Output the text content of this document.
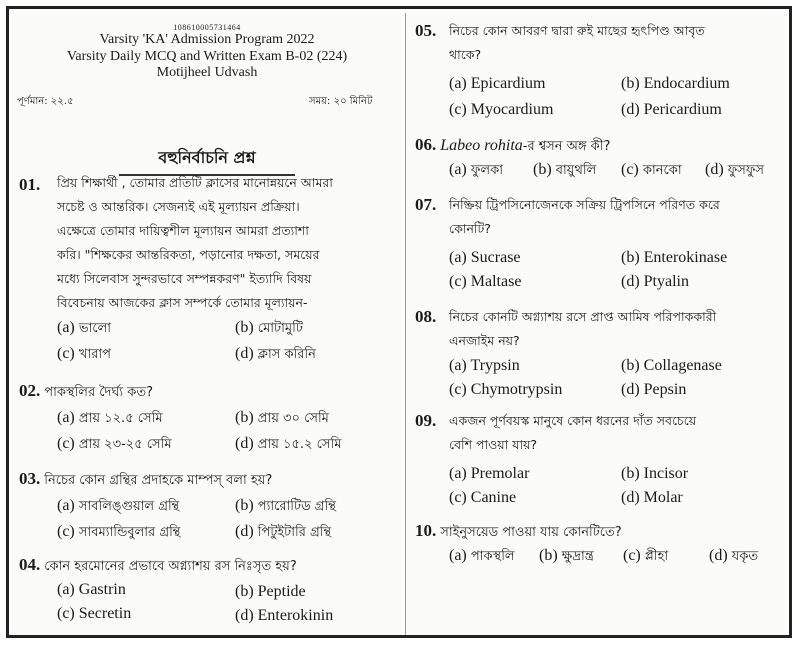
108610005731464
Varsity 'KA' Admission Program 2022
Varsity Daily MCQ and Written Exam B-02 (224)
Motijheel Udvash
পূর্ণমান: ২২.৫	সময়: ২০ মিনিট
বহুনির্বাচনি প্রশ্ন
01. প্রিয় শিক্ষার্থী , তোমার প্রতিটি ক্লাসের মানোন্নয়নে আমরা
সচেষ্ট ও আন্তরিক। সেজন্যই এই মূল্যায়ন প্রক্রিয়া।
এক্ষেত্রে তোমার দায়িত্বশীল মূল্যায়ন আমরা প্রত্যাশা
করি। "শিক্ষকের আন্তরিকতা, পড়ানোর দক্ষতা, সময়ের
মধ্যে সিলেবাস সুন্দরভাবে সম্পন্নকরণ" ইত্যাদি বিষয়
বিবেচনায় আজকের ক্লাস সম্পর্কে তোমার মূল্যায়ন-
(a) ভালো	(b) মোটামুটি
(c) খারাপ	(d) ক্লাস করিনি
02. পাকস্থলির দৈর্ঘ্য কত?
(a) প্রায় ১২.৫ সেমি	(b) প্রায় ৩০ সেমি
(c) প্রায় ২৩-২৫ সেমি	(d) প্রায় ১৫.২ সেমি
03. নিচের কোন গ্রন্থির প্রদাহকে মাম্পস্ বলা হয়?
(a) সাবলিঙ্গুয়াল গ্রন্থি	(b) প্যারোটিড গ্রন্থি
(c) সাবম্যান্ডিবুলার গ্রন্থি	(d) পিটুইটারি গ্রন্থি
04. কোন হরমোনের প্রভাবে অগ্ন্যাশয় রস নিঃসৃত হয়?
(a) Gastrin	(b) Peptide
(c) Secretin	(d) Enterokinin
05. নিচের কোন আবরণ দ্বারা রুই মাছের হৃৎপিণ্ড আবৃত
থাকে?
(a) Epicardium	(b) Endocardium
(c) Myocardium	(d) Pericardium
06. Labeo rohita-র শ্বসন অঙ্গ কী?
(a) ফুলকা (b) বায়ুথলি (c) কানকো (d) ফুসফুস
07. নিষ্ক্রিয় ট্রিপসিনোজেনকে সক্রিয় ট্রিপসিনে পরিণত করে
কোনটি?
(a) Sucrase	(b) Enterokinase
(c) Maltase	(d) Ptyalin
08. নিচের কোনটি অগ্ন্যাশয় রসে প্রাপ্ত আমিষ পরিপাককারী
এনজাইম নয়?
(a) Trypsin	(b) Collagenase
(c) Chymotrypsin	(d) Pepsin
09. একজন পূর্ণবয়স্ক মানুষে কোন ধরনের দাঁত সবচেয়ে
বেশি পাওয়া যায়?
(a) Premolar	(b) Incisor
(c) Canine	(d) Molar
10. সাইনুসয়েড পাওয়া যায় কোনটিতে?
(a) পাকস্থলি (b) ক্ষুদ্রান্ত্র (c) প্লীহা	(d) যকৃত
